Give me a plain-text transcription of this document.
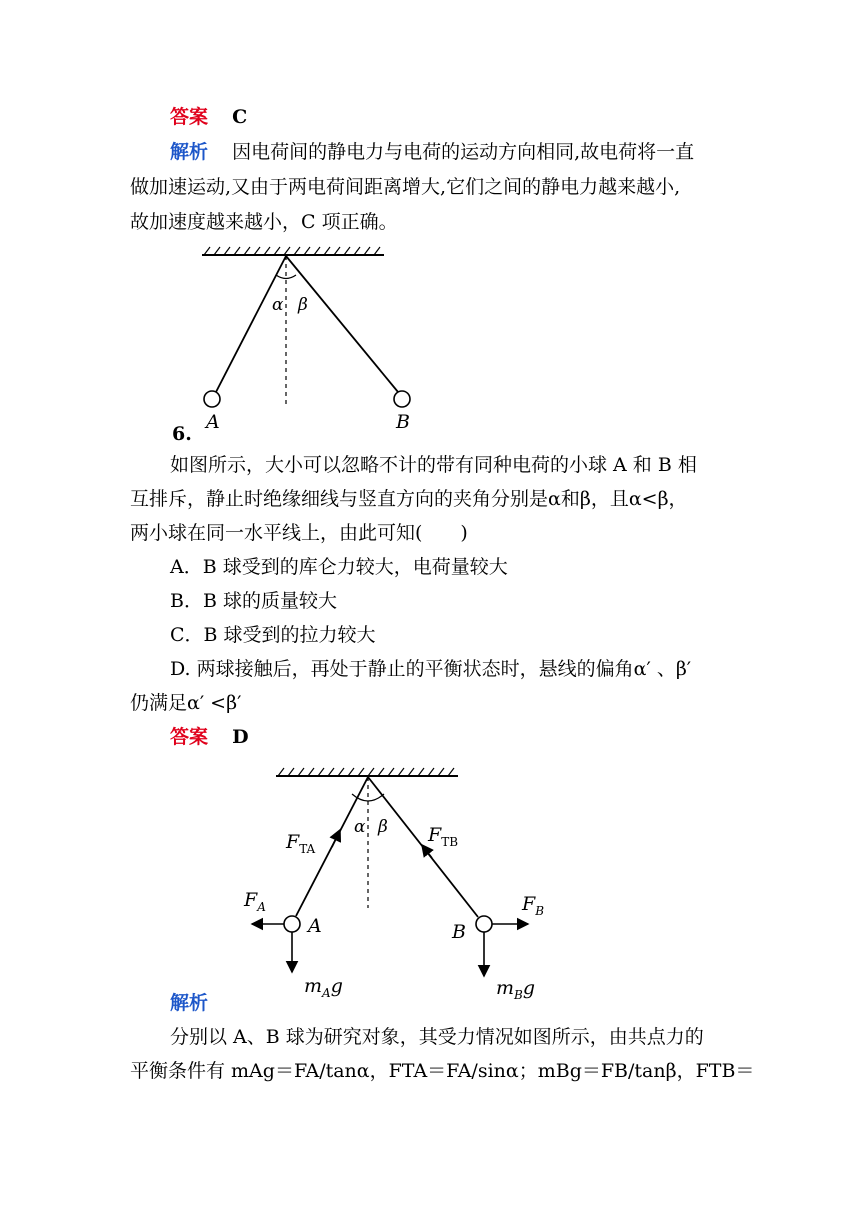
答案 C
解析 因电荷间的静电力与电荷的运动方向相同,故电荷将一直
做加速运动,又由于两电荷间距离增大,它们之间的静电力越来越小,
故加速度越来越小，C 项正确。
α β
A	B
6.
如图所示，大小可以忽略不计的带有同种电荷的小球 A 和 B 相
互排斥，静止时绝缘细线与竖直方向的夹角分别是α和β，且α<β，
两小球在同一水平线上，由此可知(　　)
A．B 球受到的库仑力较大，电荷量较大
B．B 球的质量较大
C．B 球受到的拉力较大
D. 两球接触后，再处于静止的平衡状态时，悬线的偏角α′ 、β′
仍满足α′ <β′
答案 D
α β
$F_{TA}$
$F_{TB}$
$F_A$	$F_B$
A	B
$m_Ag$	$m_Bg$
解析
分别以 A、B 球为研究对象，其受力情况如图所示，由共点力的
平衡条件有 mAg＝FA/tanα，FTA＝FA/sinα；mBg＝FB/tanβ，FTB＝
